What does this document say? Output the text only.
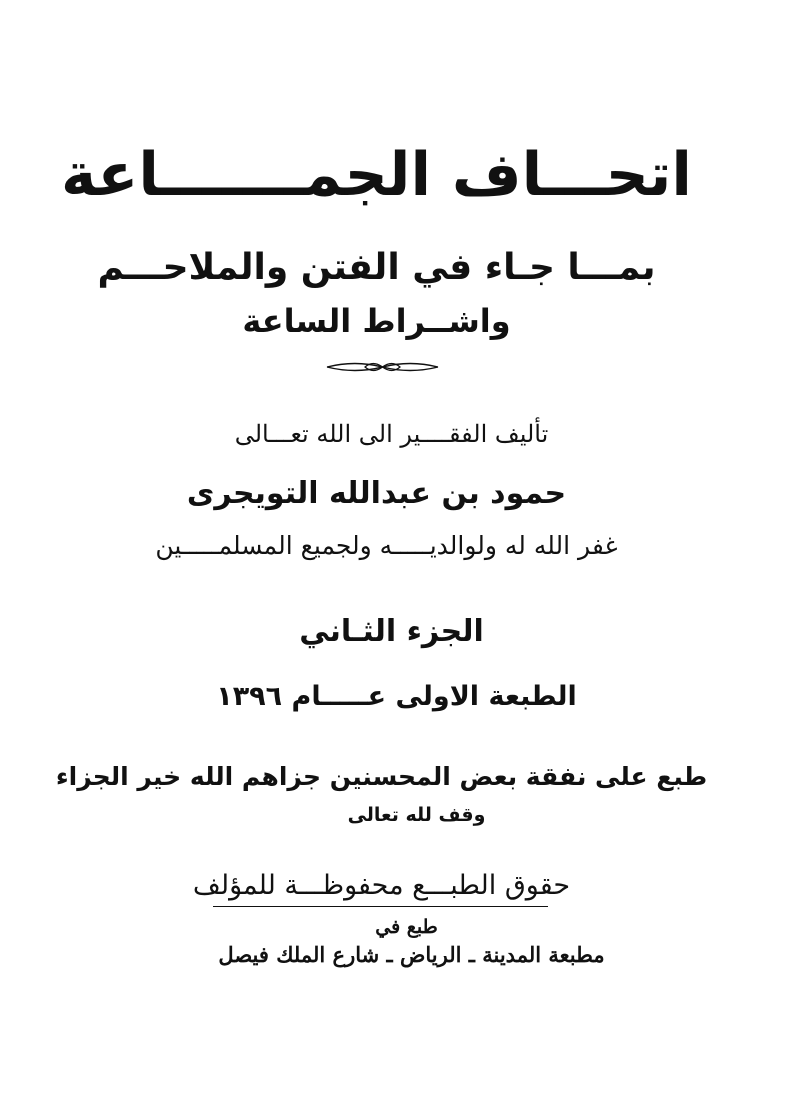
اتحـــاف الجمـــــــاعة
بمـــا جـاء في الفتن والملاحـــم
واشــراط الساعة
تأليف الفقــــير الى الله تعـــالى
حمود بن عبدالله التويجرى
غفر الله له ولوالديـــــه ولجميع المسلمـــــين
الجزء الثـاني
الطبعة الاولى عـــــام ١٣٩٦
طبع على نفقة بعض المحسنين جزاهم الله خير الجزاء
وقف لله تعالى
حقوق الطبـــع محفوظـــة للمؤلف
طبع في
مطبعة المدينة ـ الرياض ـ شارع الملك فيصل
